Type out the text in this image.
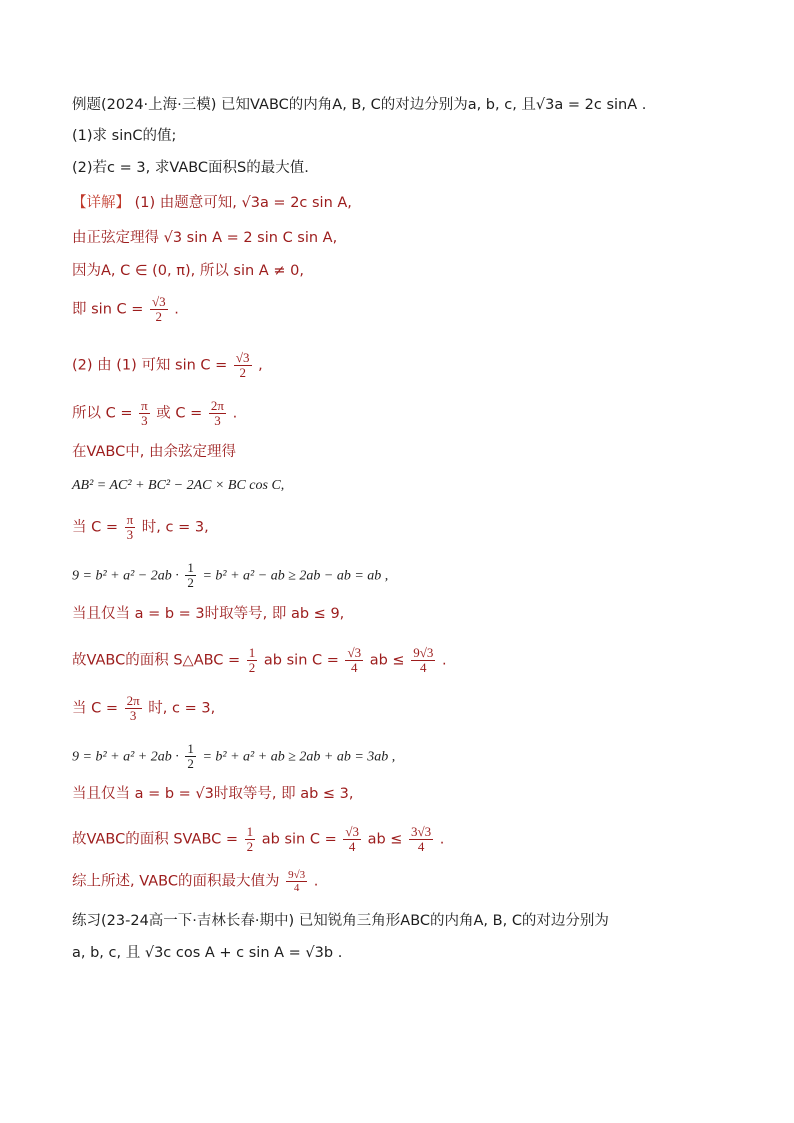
例题(2024·上海·三模) 已知VABC的内角A, B, C的对边分别为a, b, c, 且√3a = 2c sinA .

(1)求 sinC的值;

(2)若c = 3, 求VABC面积S的最大值.

【详解】 (1) 由题意可知, √3a = 2c sin A,

由正弦定理得 √3 sin A = 2 sin C sin A,

因为A, C ∈ (0, π), 所以 sin A ≠ 0,

即 $\sin C = \frac{√3}{2}$ .

(2) 由 (1) 可知 $\sin C = \frac{√3}{2}$ ,

所以 $C = \frac{\pi}{3}$ 或 $C = \frac{2\pi}{3}$ .

在VABC中, 由余弦定理得

AB² = AC² + BC² − 2AC × BC cos C,

当 $C = \frac{\pi}{3}$ 时, c = 3,

$9 = b^2 + a^2 - 2ab \cdot \frac{1}{2} = b^2 + a^2$ − ab ≥ 2ab − ab = ab ,

当且仅当 a = b = 3时取等号, 即 ab ≤ 9,

故VABC的面积 S△ABC = $\frac{1}{2}$ ab $\sin C = \frac{√3}{4}$ ab ≤ $\frac{9√3}{4}$ .

当 $C = \frac{2\pi}{3}$ 时, c = 3,

$9 = b^2 + a^2 + 2ab \cdot \frac{1}{2} = b^2 + a^2$ + ab ≥ 2ab + ab = 3ab ,

当且仅当 a = b = √3时取等号, 即 ab ≤ 3,

故VABC的面积 SVABC = $\frac{1}{2}$ ab $\sin C = \frac{√3}{4}$ ab ≤ $\frac{3√3}{4}$ .

综上所述, VABC的面积最大值为 $\frac{9√3}{4}$ .

练习(23-24高一下·吉林长春·期中) 已知锐角三角形ABC的内角A, B, C的对边分别为

a, b, c, 且 √3c cos A + c sin A = √3b .
